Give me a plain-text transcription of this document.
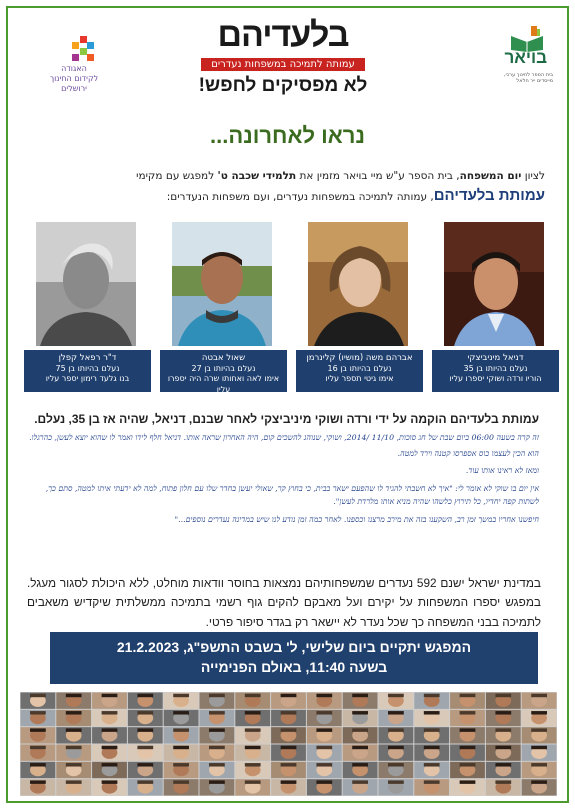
בויאר
בית הספר לחינוך ערכי, מייסדים ייר חלאל
האגודה
לקידום החינוך
ירושלים
בלעדיהם
עמותה לתמיכה במשפחות נעדרים
לא מפסיקים לחפש!
נראו לאחרונה...
לציון יום המשפחה, בית הספר ע"ש מיי בויאר מזמין את תלמידי שכבה ט' למפגש עם מקימי
עמותת בלעדיהם, עמותה לתמיכה במשפחות נעדרים, ועם משפחות הנעדרים:
דניאל מיניביצקי
נעלם בהיותו בן 35
הוריו ורדה ושוקי יספרו עליו
אברהם משה (מושיו) קלינרמן
נעלם בהיותו בן 16
אימו גיטי תספר עליו
שאול אבטה
נעלם בהיותו בן 27
אימו לאה ואחותו שרה היה יספרו עליו
ד"ר רפאל קפלן
נעלם בהיותו בן 75
בנו גלעד רימון יספר עליו
עמותת בלעדיהם הוקמה על ידי ורדה ושוקי מיניביצקי לאחר שבנם, דניאל, שהיה אז בן 35, נעלם.
זה קרה בשעה 06:00 ביום שבת של חג סוכות, 11/10 /2014, ושוקי, שנוהג להשכים קום, היה האחרון שראה אותו. דניאל חלף לידו ואמר לו שהוא יוצא לעשן, כהרגלו.
הוא הכין לעצמו כוס אספרסו קטנה וירד למטה.
ומאז לא ראינו אותו עוד.
אין יום בו שוקי לא אומר לי: "איך לא חשבתי להגיד לו שהפעם ישאר בבית, כי בחוץ קר, שאולי יעשן בחדר שלו עם חלון פתוח, למה לא ידעתי איתו למטה, סתם כך, לשתות קפה יחדיו, כל תירוץ כלשהו שהיה מניא אותו מלרדת לעשן".
חיפשנו אחריו במשך זמן רב, השקענו בזה את מירב מרצנו וכספנו. לאחר כמה זמן נודע לנו שיש במדינה נעדרים נוספים..."
במדינת ישראל ישנם 592 נעדרים שמשפחותיהם נמצאות בחוסר וודאות מוחלט, ללא היכולת לסגור מעגל. במפגש יספרו המשפחות על יקירם ועל מאבקם להקים גוף רשמי בתמיכה ממשלתית שיקדיש משאבים לתמיכה בבני המשפחה כך שכל נעדר לא יישאר רק בגדר סיפור פרטי.
המפגש יתקיים ביום שלישי, ל' בשבט התשפ"ג, 21.2.2023
בשעה 11:40, באולם הפנימייה
